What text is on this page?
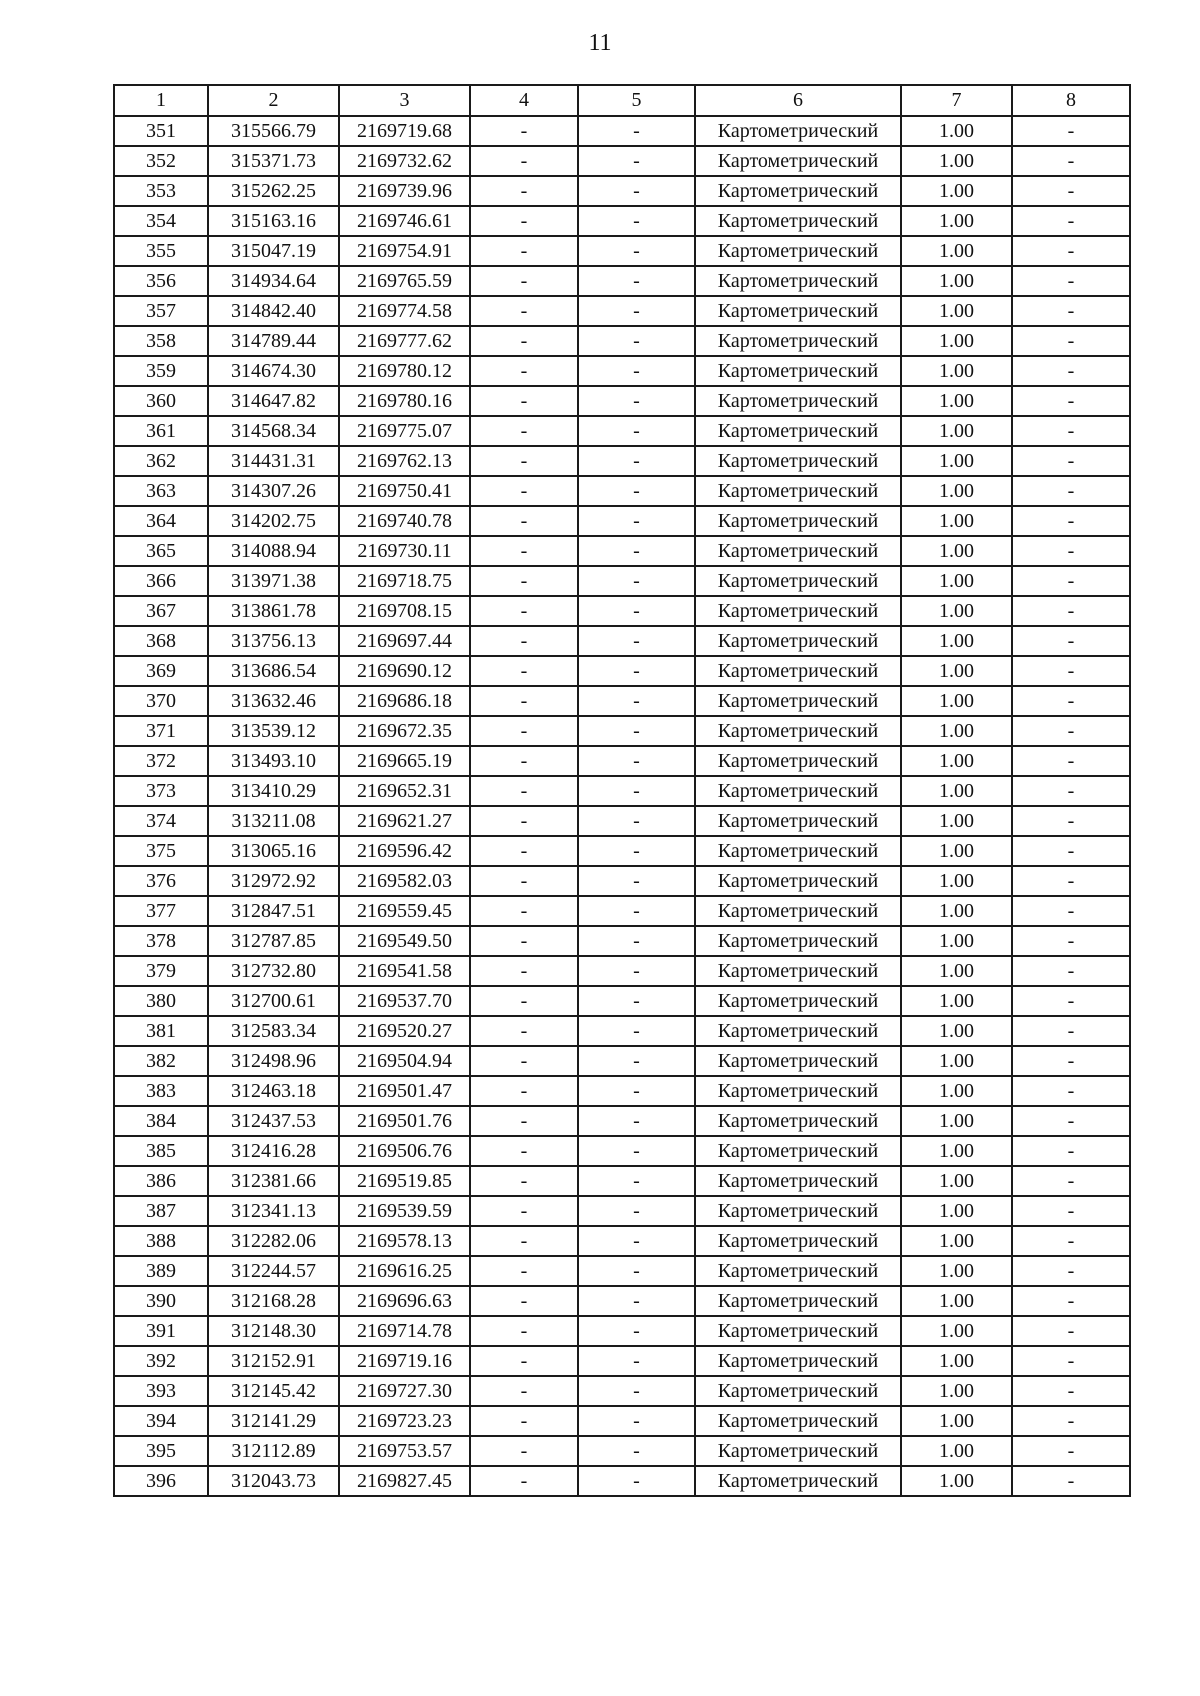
11
1	2	3	4	5	6	7	8
351	315566.79	2169719.68	-	-	Картометрический	1.00	-
352	315371.73	2169732.62	-	-	Картометрический	1.00	-
353	315262.25	2169739.96	-	-	Картометрический	1.00	-
354	315163.16	2169746.61	-	-	Картометрический	1.00	-
355	315047.19	2169754.91	-	-	Картометрический	1.00	-
356	314934.64	2169765.59	-	-	Картометрический	1.00	-
357	314842.40	2169774.58	-	-	Картометрический	1.00	-
358	314789.44	2169777.62	-	-	Картометрический	1.00	-
359	314674.30	2169780.12	-	-	Картометрический	1.00	-
360	314647.82	2169780.16	-	-	Картометрический	1.00	-
361	314568.34	2169775.07	-	-	Картометрический	1.00	-
362	314431.31	2169762.13	-	-	Картометрический	1.00	-
363	314307.26	2169750.41	-	-	Картометрический	1.00	-
364	314202.75	2169740.78	-	-	Картометрический	1.00	-
365	314088.94	2169730.11	-	-	Картометрический	1.00	-
366	313971.38	2169718.75	-	-	Картометрический	1.00	-
367	313861.78	2169708.15	-	-	Картометрический	1.00	-
368	313756.13	2169697.44	-	-	Картометрический	1.00	-
369	313686.54	2169690.12	-	-	Картометрический	1.00	-
370	313632.46	2169686.18	-	-	Картометрический	1.00	-
371	313539.12	2169672.35	-	-	Картометрический	1.00	-
372	313493.10	2169665.19	-	-	Картометрический	1.00	-
373	313410.29	2169652.31	-	-	Картометрический	1.00	-
374	313211.08	2169621.27	-	-	Картометрический	1.00	-
375	313065.16	2169596.42	-	-	Картометрический	1.00	-
376	312972.92	2169582.03	-	-	Картометрический	1.00	-
377	312847.51	2169559.45	-	-	Картометрический	1.00	-
378	312787.85	2169549.50	-	-	Картометрический	1.00	-
379	312732.80	2169541.58	-	-	Картометрический	1.00	-
380	312700.61	2169537.70	-	-	Картометрический	1.00	-
381	312583.34	2169520.27	-	-	Картометрический	1.00	-
382	312498.96	2169504.94	-	-	Картометрический	1.00	-
383	312463.18	2169501.47	-	-	Картометрический	1.00	-
384	312437.53	2169501.76	-	-	Картометрический	1.00	-
385	312416.28	2169506.76	-	-	Картометрический	1.00	-
386	312381.66	2169519.85	-	-	Картометрический	1.00	-
387	312341.13	2169539.59	-	-	Картометрический	1.00	-
388	312282.06	2169578.13	-	-	Картометрический	1.00	-
389	312244.57	2169616.25	-	-	Картометрический	1.00	-
390	312168.28	2169696.63	-	-	Картометрический	1.00	-
391	312148.30	2169714.78	-	-	Картометрический	1.00	-
392	312152.91	2169719.16	-	-	Картометрический	1.00	-
393	312145.42	2169727.30	-	-	Картометрический	1.00	-
394	312141.29	2169723.23	-	-	Картометрический	1.00	-
395	312112.89	2169753.57	-	-	Картометрический	1.00	-
396	312043.73	2169827.45	-	-	Картометрический	1.00	-
